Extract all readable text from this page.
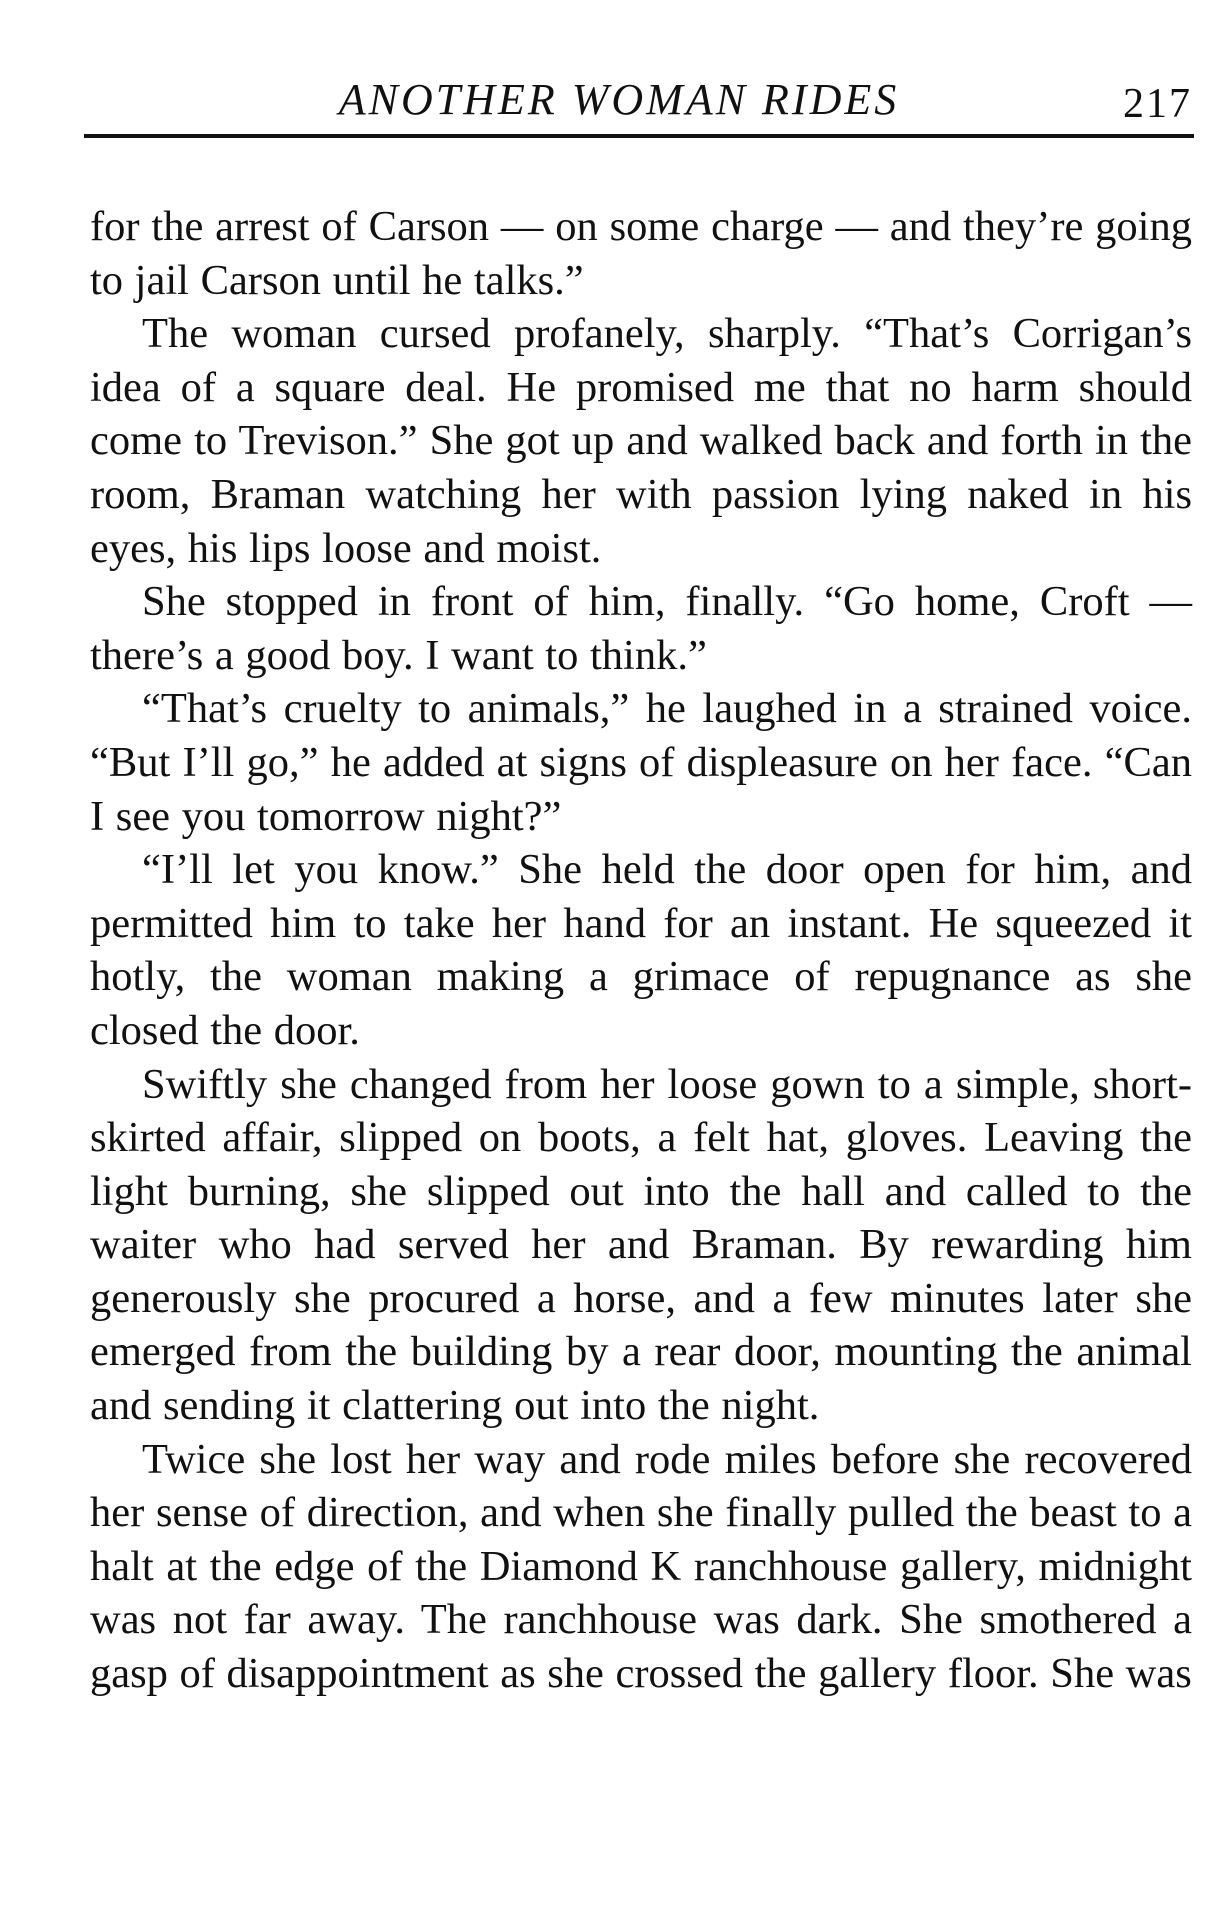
ANOTHER WOMAN RIDES	217

for the arrest of Carson — on some charge — and they’re going to jail Carson until he talks.”

The woman cursed profanely, sharply. “That’s Corrigan’s idea of a square deal. He promised me that no harm should come to Trevison.” She got up and walked back and forth in the room, Braman watching her with passion lying naked in his eyes, his lips loose and moist.

She stopped in front of him, finally. “Go home, Croft — there’s a good boy. I want to think.”

“That’s cruelty to animals,” he laughed in a strained voice. “But I’ll go,” he added at signs of displeasure on her face. “Can I see you tomorrow night?”

“I’ll let you know.” She held the door open for him, and permitted him to take her hand for an instant. He squeezed it hotly, the woman making a grimace of repugnance as she closed the door.

Swiftly she changed from her loose gown to a simple, short-skirted affair, slipped on boots, a felt hat, gloves. Leaving the light burning, she slipped out into the hall and called to the waiter who had served her and Braman. By rewarding him generously she procured a horse, and a few minutes later she emerged from the building by a rear door, mounting the animal and sending it clattering out into the night.

Twice she lost her way and rode miles before she recovered her sense of direction, and when she finally pulled the beast to a halt at the edge of the Diamond K ranchhouse gallery, midnight was not far away. The ranchhouse was dark. She smothered a gasp of disappointment as she crossed the gallery floor. She was
